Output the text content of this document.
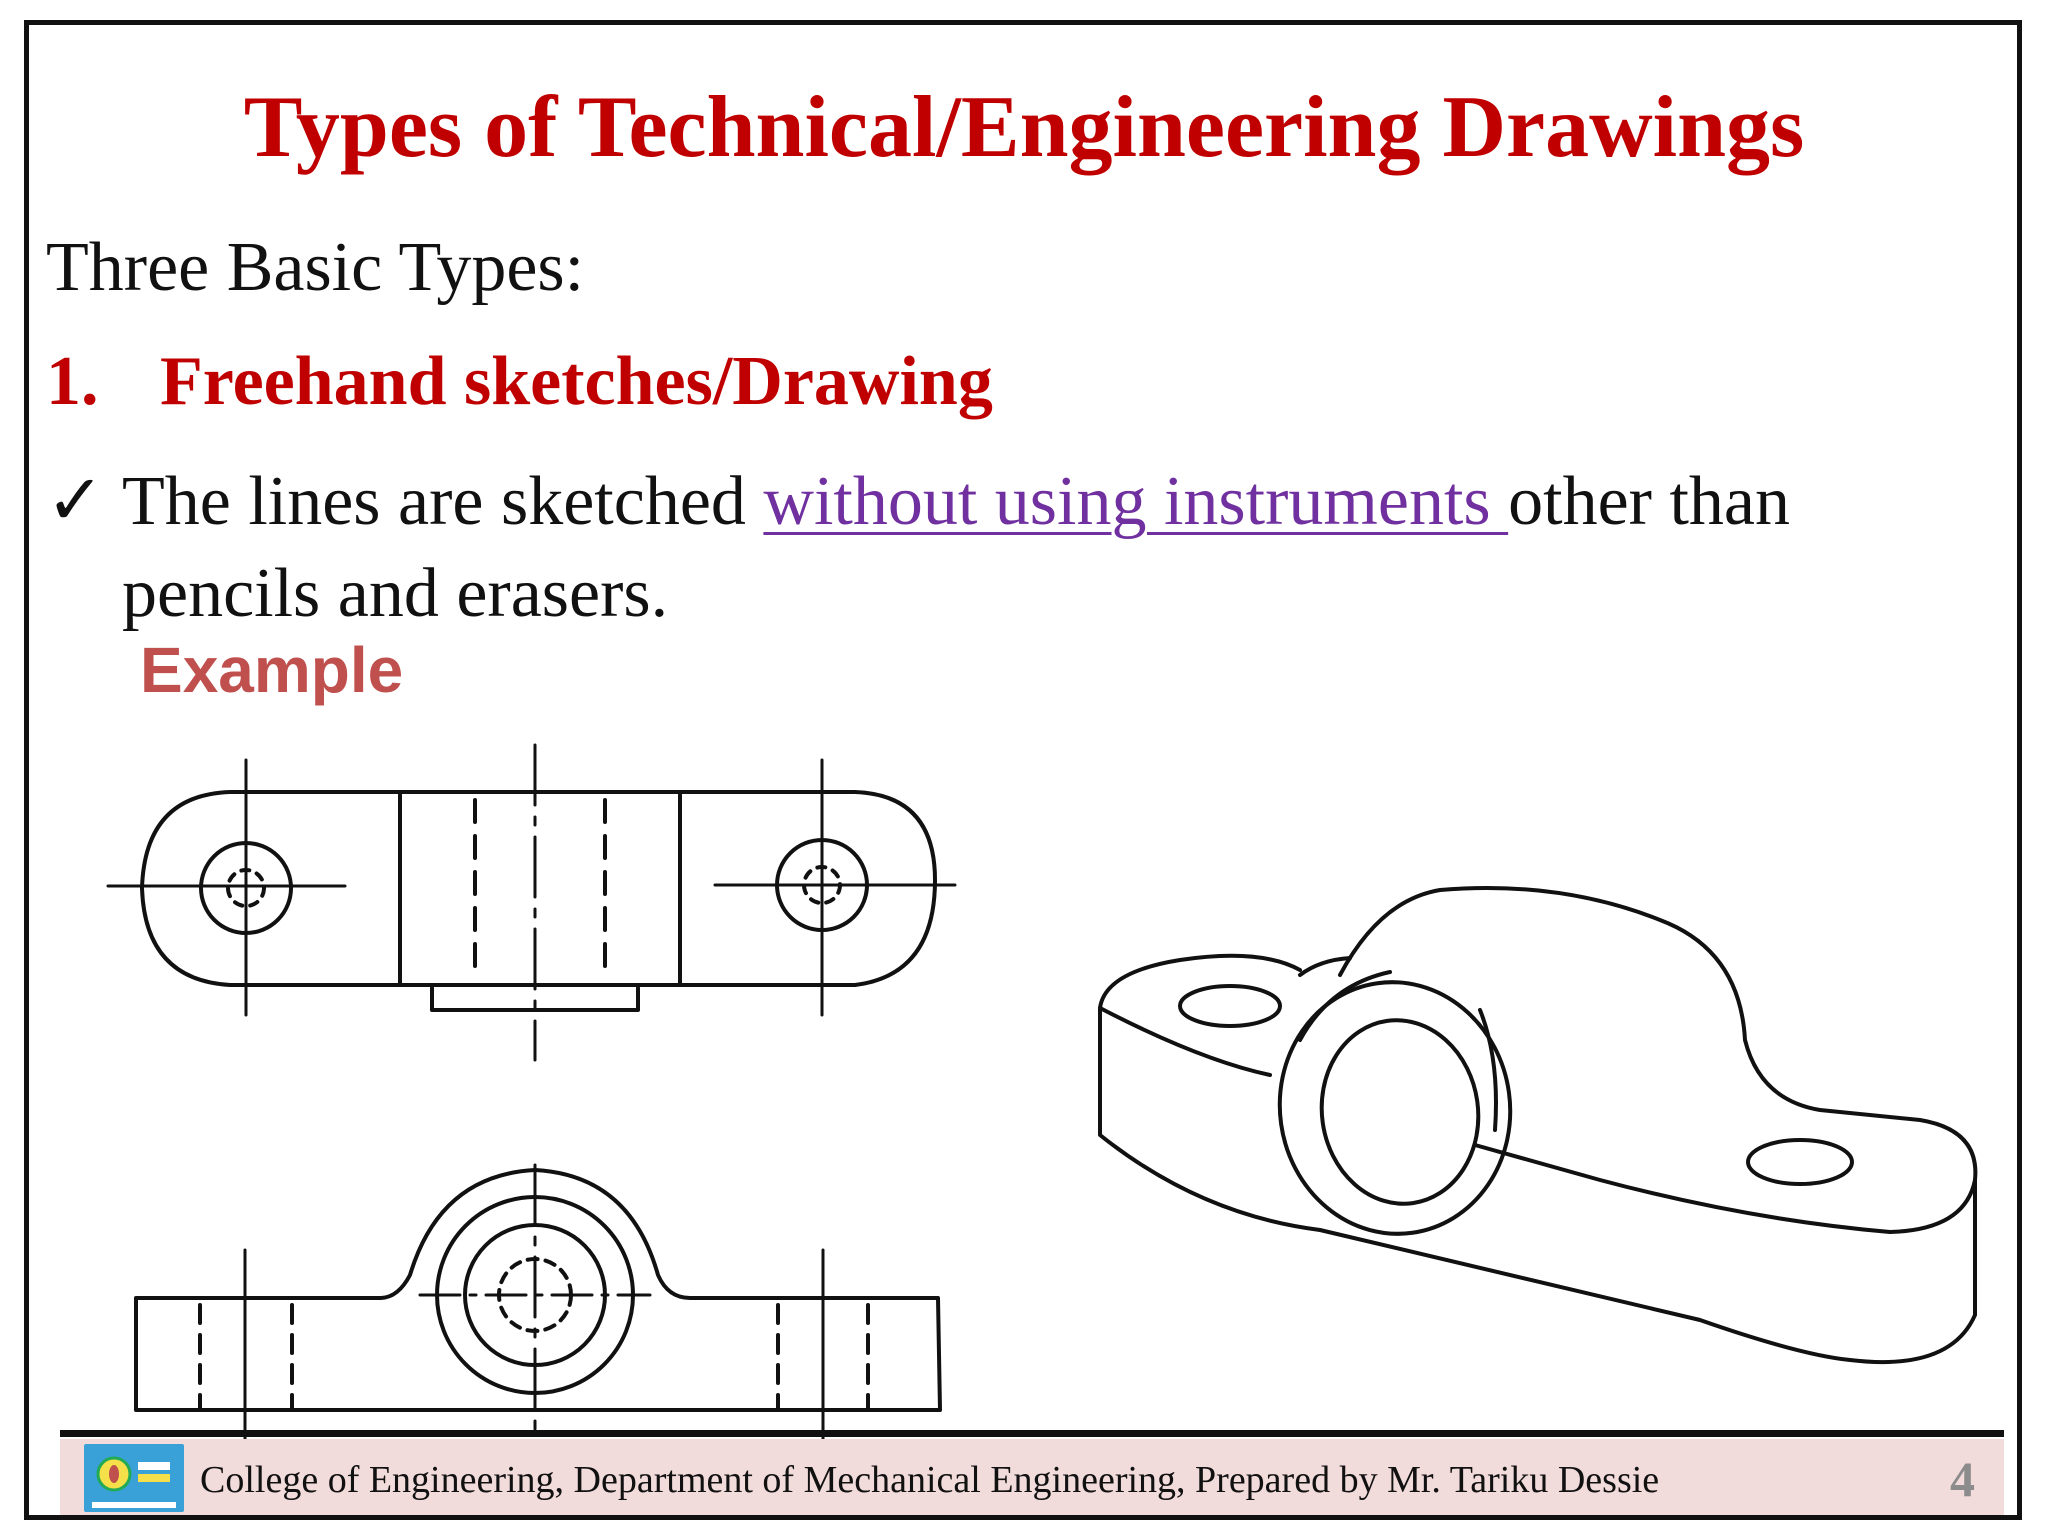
Types of Technical/Engineering Drawings
Three Basic Types:
1. Freehand sketches/Drawing
✓ The lines are sketched without using instruments other than pencils and erasers.
Example
College of Engineering, Department of Mechanical Engineering, Prepared by Mr. Tariku Dessie	4
